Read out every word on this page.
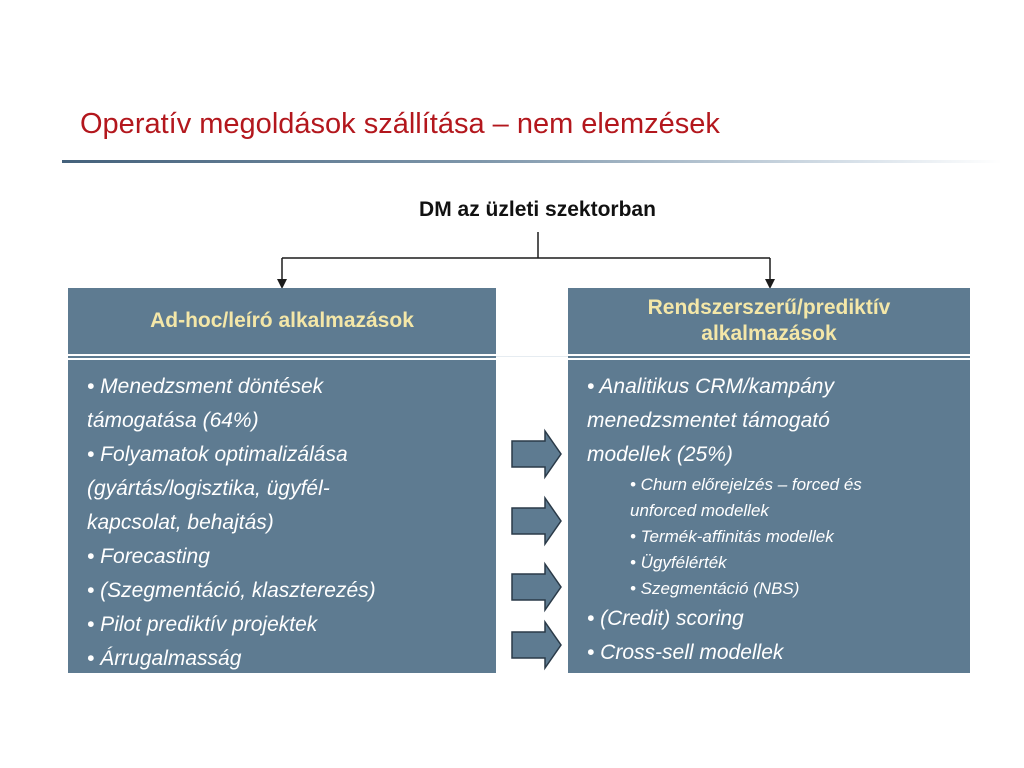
Operatív megoldások szállítása – nem elemzések
DM az üzleti szektorban
Ad-hoc/leíró alkalmazások
• Menedzsment döntések
támogatása (64%)
• Folyamatok optimalizálása
(gyártás/logisztika, ügyfél-
kapcsolat, behajtás)
• Forecasting
• (Szegmentáció, klaszterezés)
• Pilot prediktív projektek
• Árrugalmasság
Rendszerszerű/prediktív
alkalmazások
• Analitikus CRM/kampány
menedzsmentet támogató
modellek (25%)
• Churn előrejelzés – forced és
unforced modellek
• Termék-affinitás modellek
• Ügyfélérték
• Szegmentáció (NBS)
• (Credit) scoring
• Cross-sell modellek
